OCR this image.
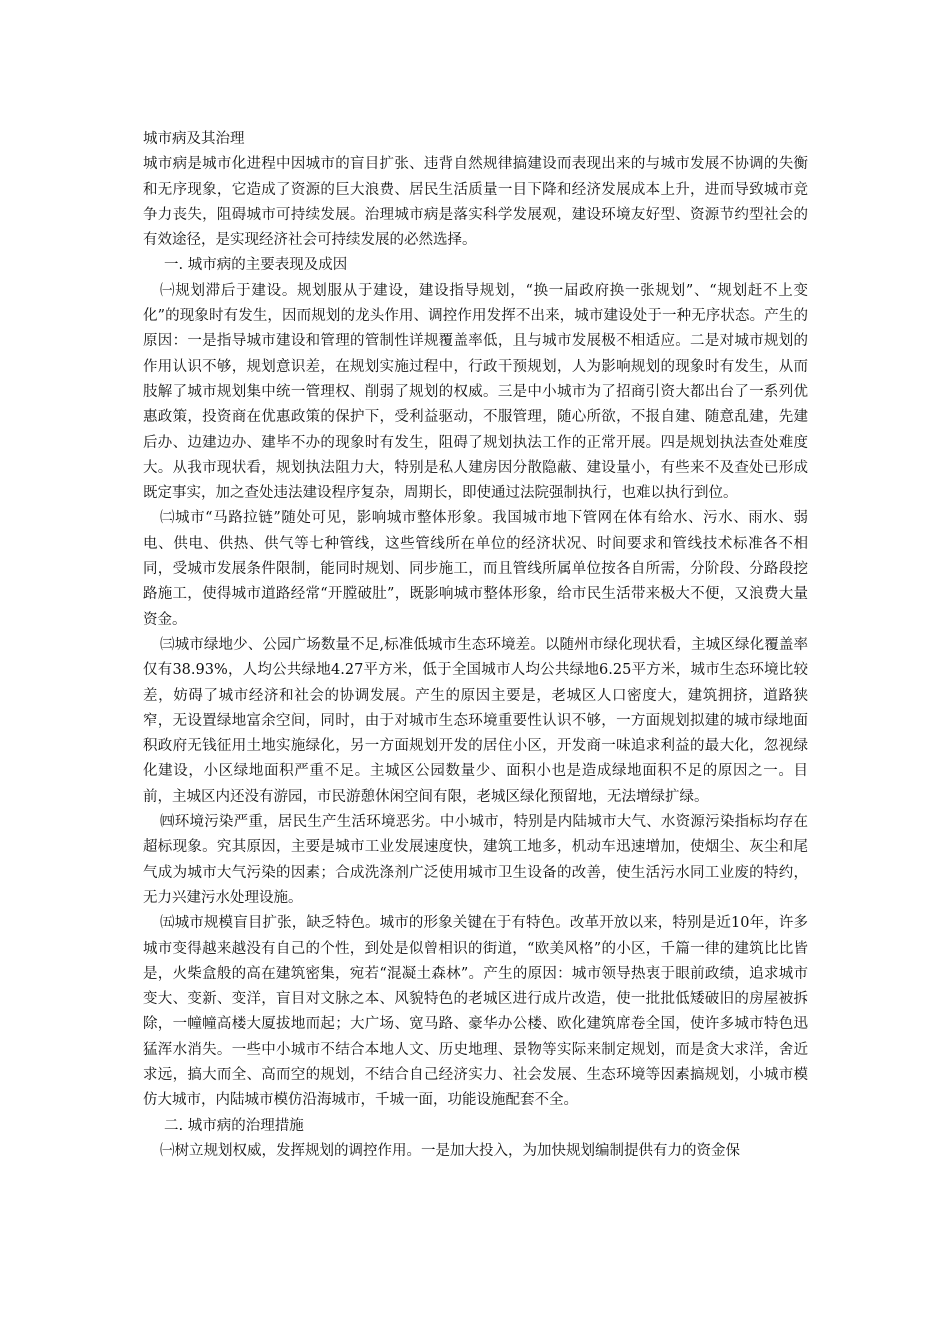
城市病及其治理

城市病是城市化进程中因城市的盲目扩张、违背自然规律搞建设而表现出来的与城市发展不协调的失衡和无序现象，它造成了资源的巨大浪费、居民生活质量一目下降和经济发展成本上升，进而导致城市竞争力丧失，阻碍城市可持续发展。治理城市病是落实科学发展观，建设环境友好型、资源节约型社会的有效途径，是实现经济社会可持续发展的必然选择。

一. 城市病的主要表现及成因

㈠规划滞后于建设。规划服从于建设，建设指导规划，“换一届政府换一张规划”、“规划赶不上变化”的现象时有发生，因而规划的龙头作用、调控作用发挥不出来，城市建设处于一种无序状态。产生的原因：一是指导城市建设和管理的管制性详规覆盖率低，且与城市发展极不相适应。二是对城市规划的作用认识不够，规划意识差，在规划实施过程中，行政干预规划，人为影响规划的现象时有发生，从而肢解了城市规划集中统一管理权、削弱了规划的权威。三是中小城市为了招商引资大都出台了一系列优惠政策，投资商在优惠政策的保护下，受利益驱动，不服管理，随心所欲，不报自建、随意乱建，先建后办、边建边办、建毕不办的现象时有发生，阻碍了规划执法工作的正常开展。四是规划执法查处难度大。从我市现状看，规划执法阻力大，特别是私人建房因分散隐蔽、建设量小，有些来不及查处已形成既定事实，加之查处违法建设程序复杂，周期长，即使通过法院强制执行，也难以执行到位。

㈡城市“马路拉链”随处可见，影响城市整体形象。我国城市地下管网在体有给水、污水、雨水、弱电、供电、供热、供气等七种管线，这些管线所在单位的经济状况、时间要求和管线技术标准各不相同，受城市发展条件限制，能同时规划、同步施工，而且管线所属单位按各自所需，分阶段、分路段挖路施工，使得城市道路经常“开膛破肚”，既影响城市整体形象，给市民生活带来极大不便，又浪费大量资金。

㈢城市绿地少、公园广场数量不足,标准低城市生态环境差。以随州市绿化现状看，主城区绿化覆盖率仅有38.93%，人均公共绿地4.27平方米，低于全国城市人均公共绿地6.25平方米，城市生态环境比较差，妨碍了城市经济和社会的协调发展。产生的原因主要是，老城区人口密度大，建筑拥挤，道路狭窄，无设置绿地富余空间，同时，由于对城市生态环境重要性认识不够，一方面规划拟建的城市绿地面积政府无钱征用土地实施绿化，另一方面规划开发的居住小区，开发商一味追求利益的最大化，忽视绿化建设，小区绿地面积严重不足。主城区公园数量少、面积小也是造成绿地面积不足的原因之一。目前，主城区内还没有游园，市民游憩休闲空间有限，老城区绿化预留地，无法增绿扩绿。

㈣环境污染严重，居民生产生活环境恶劣。中小城市，特别是内陆城市大气、水资源污染指标均存在超标现象。究其原因，主要是城市工业发展速度快，建筑工地多，机动车迅速增加，使烟尘、灰尘和尾气成为城市大气污染的因素；合成洗涤剂广泛使用城市卫生设备的改善，使生活污水同工业废的特约，无力兴建污水处理设施。

㈤城市规模盲目扩张，缺乏特色。城市的形象关键在于有特色。改革开放以来，特别是近10年，许多城市变得越来越没有自己的个性，到处是似曾相识的街道，“欧美风格”的小区，千篇一律的建筑比比皆是，火柴盒般的高在建筑密集，宛若“混凝土森林”。产生的原因：城市领导热衷于眼前政绩，追求城市变大、变新、变洋，盲目对文脉之本、风貌特色的老城区进行成片改造，使一批批低矮破旧的房屋被拆除，一幢幢高楼大厦拔地而起；大广场、宽马路、豪华办公楼、欧化建筑席卷全国，使许多城市特色迅猛浑水消失。一些中小城市不结合本地人文、历史地理、景物等实际来制定规划，而是贪大求洋，舍近求远，搞大而全、高而空的规划，不结合自己经济实力、社会发展、生态环境等因素搞规划，小城市模仿大城市，内陆城市模仿沿海城市，千城一面，功能设施配套不全。

二. 城市病的治理措施

㈠树立规划权威，发挥规划的调控作用。一是加大投入，为加快规划编制提供有力的资金保
